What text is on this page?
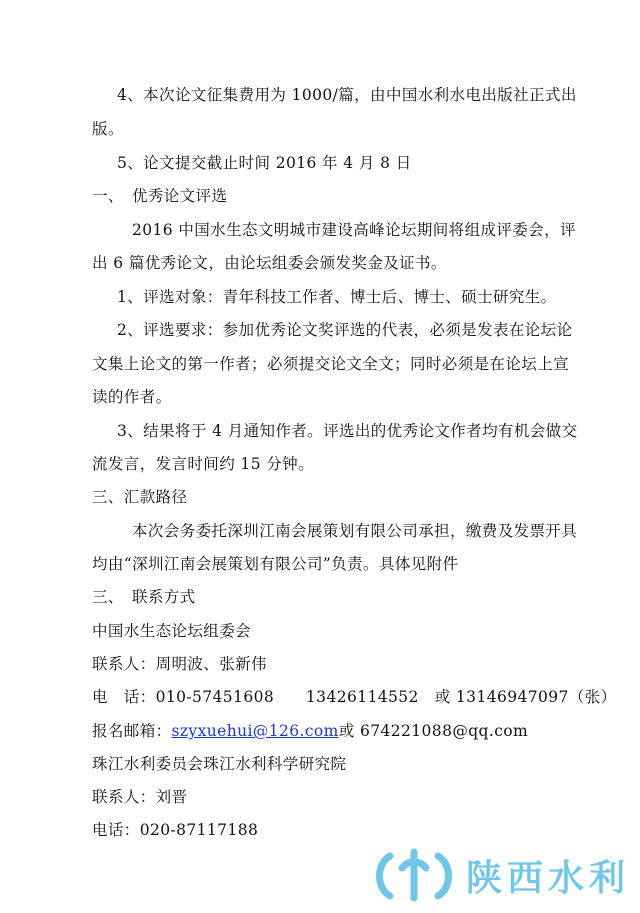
4、本次论文征集费用为 1000/篇，由中国水利水电出版社正式出
版。
5、论文提交截止时间 2016 年 4 月 8 日
一、　优秀论文评选
2016 中国水生态文明城市建设高峰论坛期间将组成评委会，评
出 6 篇优秀论文，由论坛组委会颁发奖金及证书。
1、评选对象：青年科技工作者、博士后、博士、硕士研究生。
2、评选要求：参加优秀论文奖评选的代表，必须是发表在论坛论
文集上论文的第一作者；必须提交论文全文；同时必须是在论坛上宣
读的作者。
3、结果将于 4 月通知作者。评选出的优秀论文作者均有机会做交
流发言，发言时间约 15 分钟。
三、汇款路径
本次会务委托深圳江南会展策划有限公司承担，缴费及发票开具
均由“深圳江南会展策划有限公司”负责。具体见附件
三、　联系方式
中国水生态论坛组委会
联系人：周明波、张新伟
电　话：010-57451608　　13426114552　或 13146947097（张）
报名邮箱：szyxuehui@126.com或 674221088@qq.com
珠江水利委员会珠江水利科学研究院
联系人：刘晋
电话：020-87117188
陕西水利
